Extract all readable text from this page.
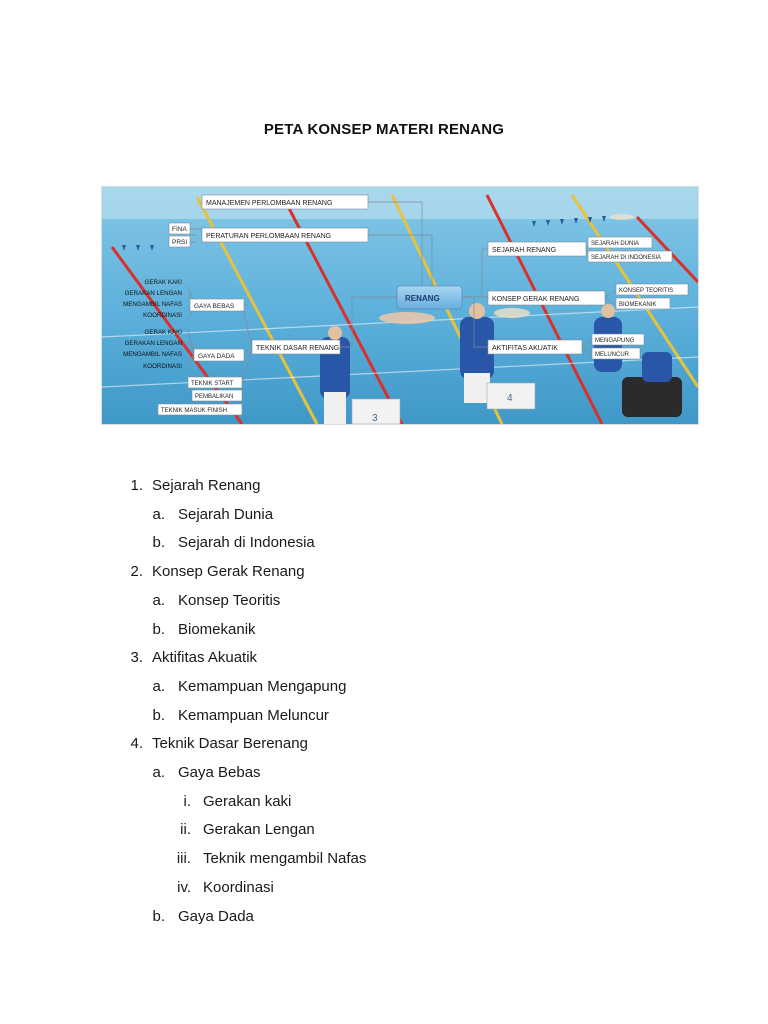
PETA KONSEP MATERI RENANG
3
4
MANAJEMEN PERLOMBAAN RENANG
FINA
PRSI
PERATURAN PERLOMBAAN RENANG
RENANG
SEJARAH RENANG
SEJARAH DUNIA
SEJARAH DI INDONESIA
KONSEP GERAK RENANG
KONSEP TEORITIS
BIOMEKANIK
AKTIFITAS AKUATIK
MENGAPUNG
MELUNCUR
TEKNIK DASAR RENANG
GAYA BEBAS
GAYA DADA
GERAK KAKI
GERAKAN LENGAN
MENGAMBIL NAFAS
KOORDINASI
GERAK KAKI
GERAKAN LENGAN
MENGAMBIL NAFAS
KOORDINASI
TEKNIK START
PEMBALIKAN
TEKNIK MASUK FINISH
1. Sejarah Renang
a. Sejarah Dunia
b. Sejarah di Indonesia
2. Konsep Gerak Renang
a. Konsep Teoritis
b. Biomekanik
3. Aktifitas Akuatik
a. Kemampuan Mengapung
b. Kemampuan Meluncur
4. Teknik Dasar Berenang
a. Gaya Bebas
i. Gerakan kaki
ii. Gerakan Lengan
iii. Teknik mengambil Nafas
iv. Koordinasi
b. Gaya Dada
